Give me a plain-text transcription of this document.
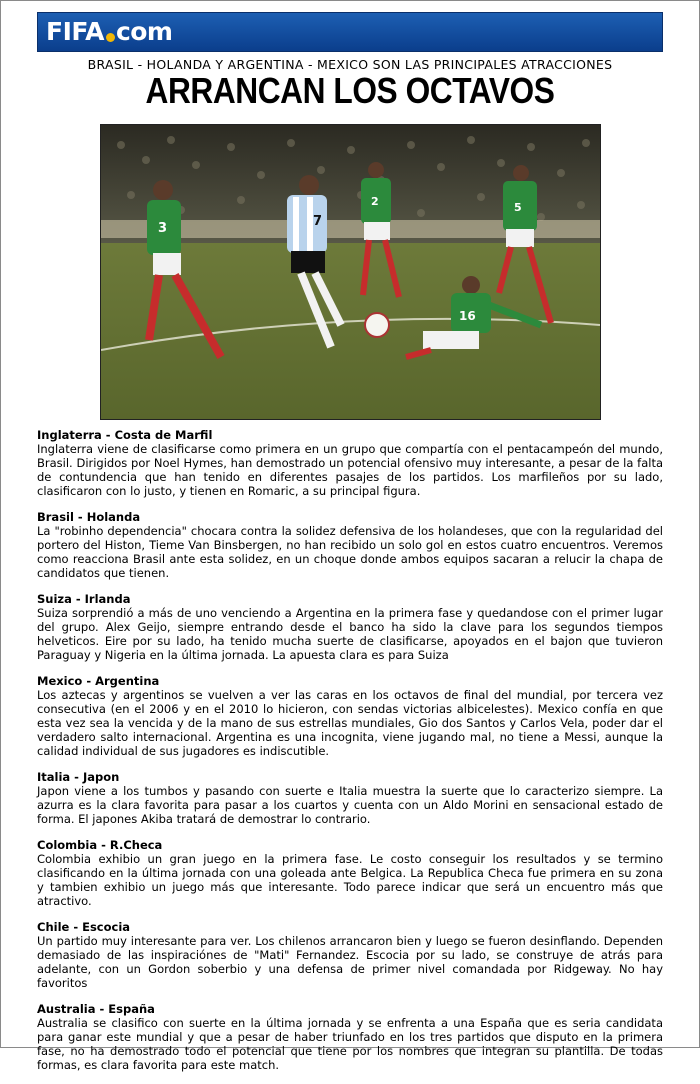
FIFA com
BRASIL - HOLANDA Y ARGENTINA - MEXICO SON LAS PRINCIPALES ATRACCIONES
ARRANCAN LOS OCTAVOS
3	7
2	5
16
Inglaterra - Costa de Marfil

Inglaterra viene de clasificarse como primera en un grupo que compartía con el pentacampeón del mundo, Brasil. Dirigidos por Noel Hymes, han demostrado un potencial ofensivo muy interesante, a pesar de la falta de contundencia que han tenido en diferentes pasajes de los partidos. Los marfileños por su lado, clasificaron con lo justo, y tienen en Romaric, a su principal figura.

Brasil - Holanda

La "robinho dependencia" chocara contra la solidez defensiva de los holandeses, que con la regularidad del portero del Histon, Tieme Van Binsbergen, no han recibido un solo gol en estos cuatro encuentros. Veremos como reacciona Brasil ante esta solidez, en un choque donde ambos equipos sacaran a relucir la chapa de candidatos que tienen.

Suiza - Irlanda

Suiza sorprendió a más de uno venciendo a Argentina en la primera fase y quedandose con el primer lugar del grupo. Alex Geijo, siempre entrando desde el banco ha sido la clave para los segundos tiempos helveticos. Eire por su lado, ha tenido mucha suerte de clasificarse, apoyados en el bajon que tuvieron Paraguay y Nigeria en la última jornada. La apuesta clara es para Suiza

Mexico - Argentina

Los aztecas y argentinos se vuelven a ver las caras en los octavos de final del mundial, por tercera vez consecutiva (en el 2006 y en el 2010 lo hicieron, con sendas victorias albicelestes). Mexico confía en que esta vez sea la vencida y de la mano de sus estrellas mundiales, Gio dos Santos y Carlos Vela, poder dar el verdadero salto internacional. Argentina es una incognita, viene jugando mal, no tiene a Messi, aunque la calidad individual de sus jugadores es indiscutible.

Italia - Japon

Japon viene a los tumbos y pasando con suerte e Italia muestra la suerte que lo caracterizo siempre. La azurra es la clara favorita para pasar a los cuartos y cuenta con un Aldo Morini en sensacional estado de forma. El japones Akiba tratará de demostrar lo contrario.

Colombia - R.Checa

Colombia exhibio un gran juego en la primera fase. Le costo conseguir los resultados y se termino clasificando en la última jornada con una goleada ante Belgica. La Republica Checa fue primera en su zona y tambien exhibio un juego más que interesante. Todo parece indicar que será un encuentro más que atractivo.

Chile - Escocia

Un partido muy interesante para ver. Los chilenos arrancaron bien y luego se fueron desinflando. Dependen demasiado de las inspiraciónes de "Mati" Fernandez. Escocia por su lado, se construye de atrás para adelante, con un Gordon soberbio y una defensa de primer nivel comandada por Ridgeway. No hay favoritos

Australia - España

Australia se clasifico con suerte en la última jornada y se enfrenta a una España que es seria candidata para ganar este mundial y que a pesar de haber triunfado en los tres partidos que disputo en la primera fase, no ha demostrado todo el potencial que tiene por los nombres que integran su plantilla. De todas formas, es clara favorita para este match.
